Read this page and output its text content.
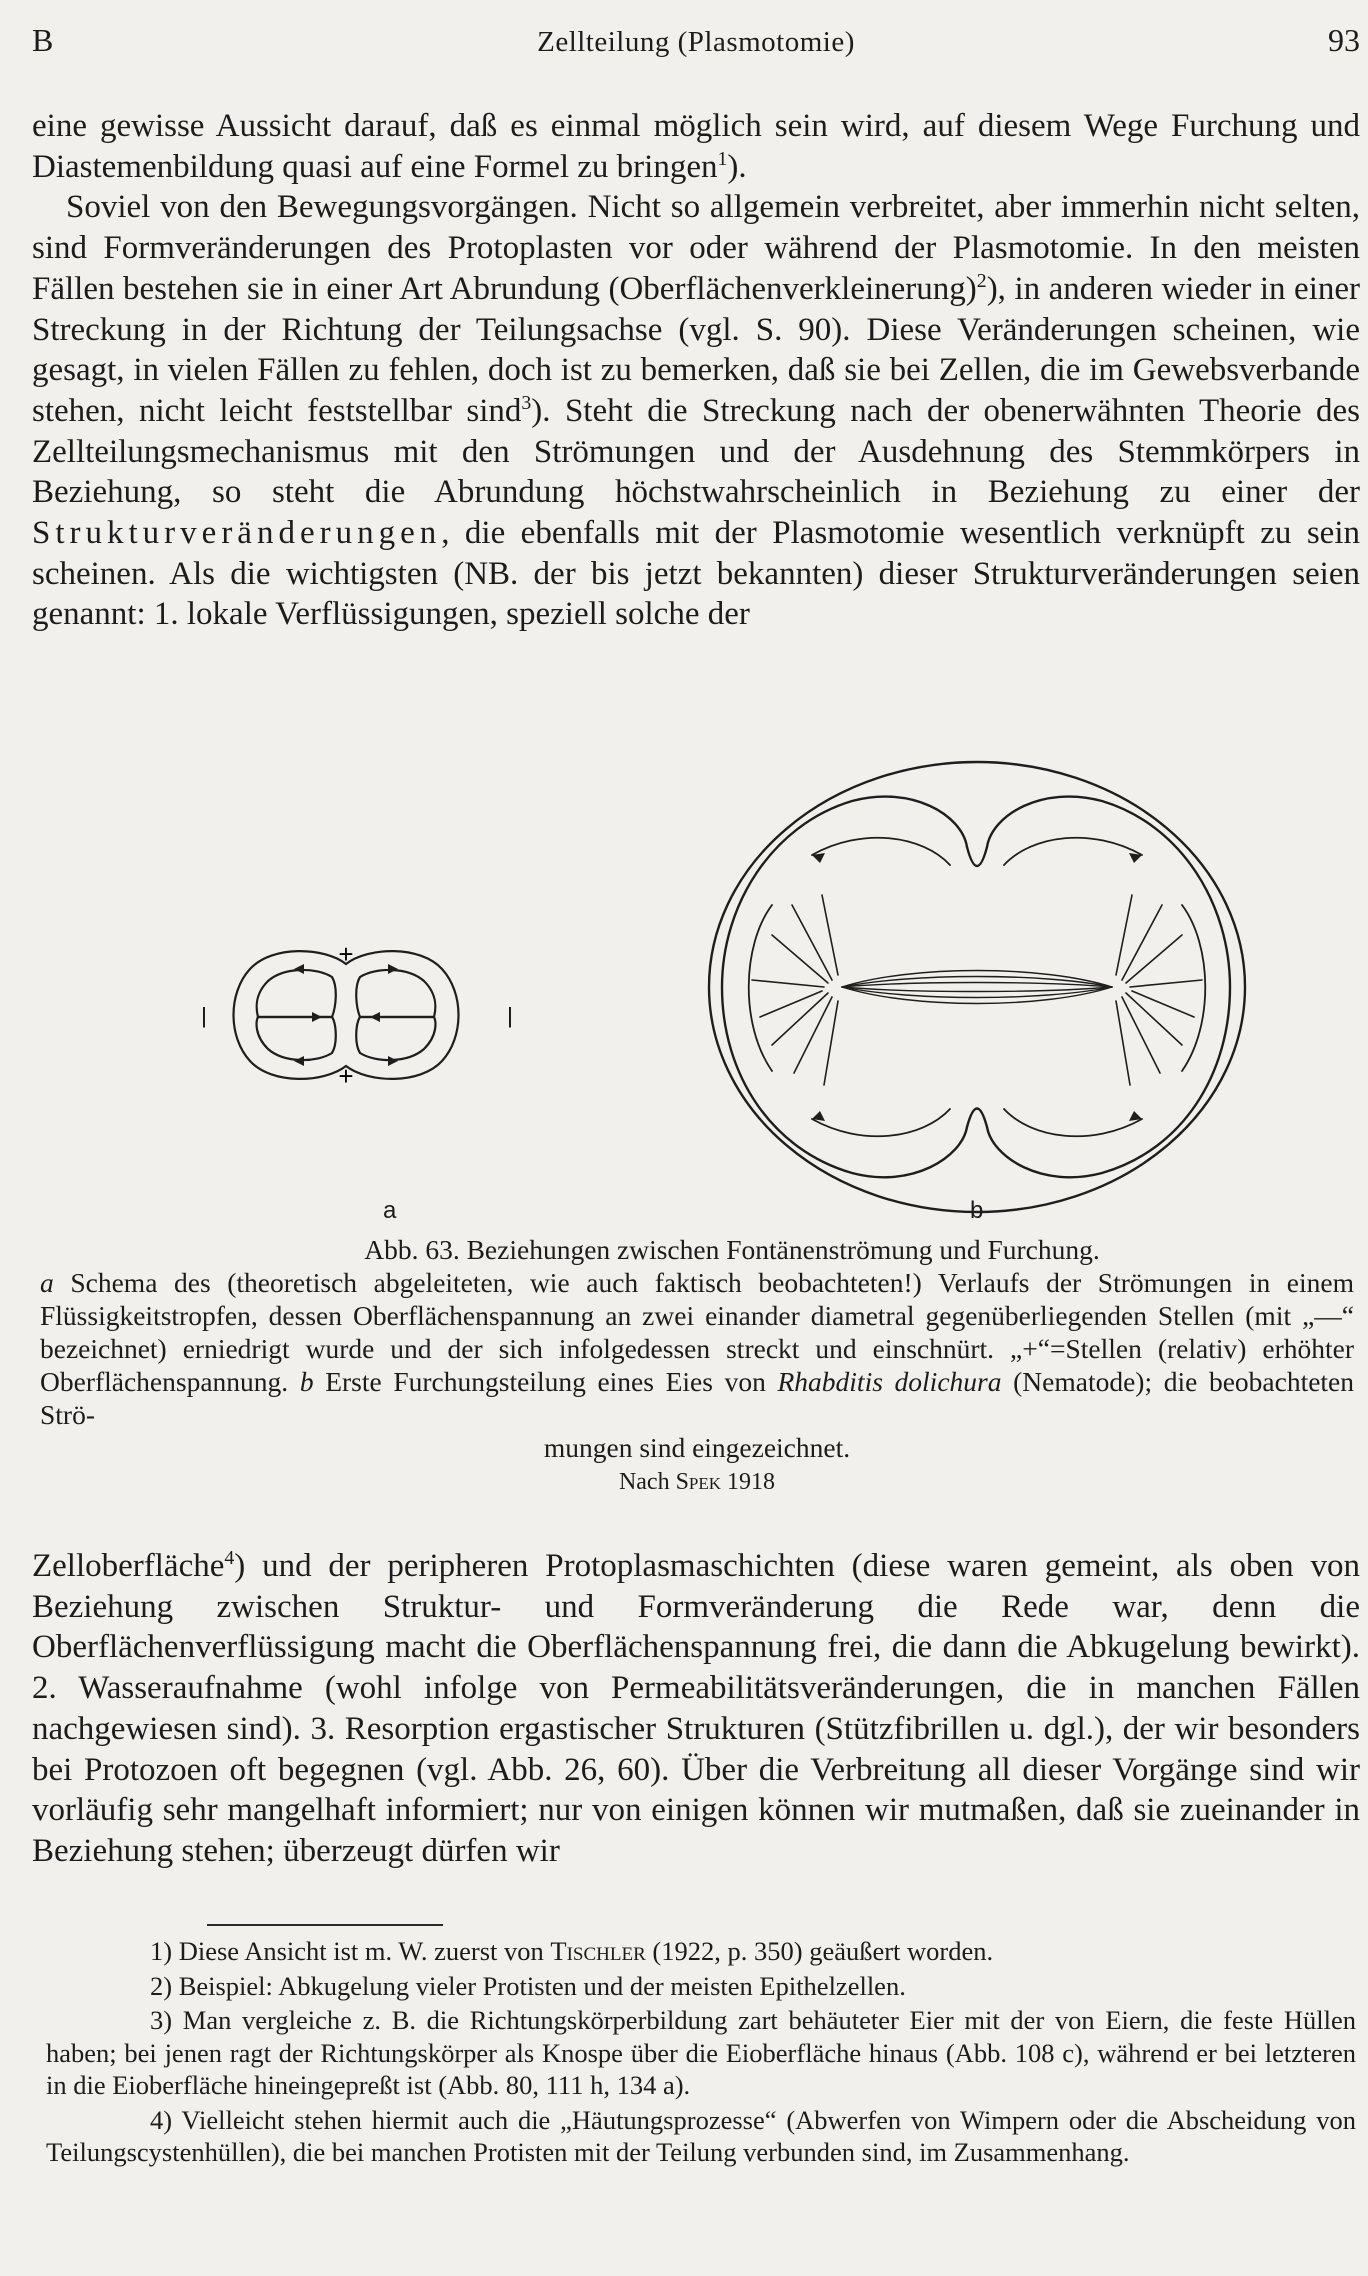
B	Zellteilung (Plasmotomie)	93

eine gewisse Aussicht darauf, daß es einmal möglich sein wird, auf diesem Wege Furchung und Diastemenbildung quasi auf eine Formel zu bringen$^1$).

Soviel von den Bewegungsvorgängen. Nicht so allgemein verbreitet, aber immerhin nicht selten, sind Formveränderungen des Protoplasten vor oder während der Plasmotomie. In den meisten Fällen bestehen sie in einer Art Abrundung (Oberflächenverkleinerung)$^2$), in anderen wieder in einer Streckung in der Richtung der Teilungsachse (vgl. S. 90). Diese Veränderungen scheinen, wie gesagt, in vielen Fällen zu fehlen, doch ist zu bemerken, daß sie bei Zellen, die im Gewebsverbande stehen, nicht leicht feststellbar sind$^3$). Steht die Streckung nach der obenerwähnten Theorie des Zellteilungsmechanismus mit den Strömungen und der Ausdehnung des Stemmkörpers in Beziehung, so steht die Abrundung höchstwahrscheinlich in Beziehung zu einer der Strukturveränderungen, die ebenfalls mit der Plasmotomie wesentlich verknüpft zu sein scheinen. Als die wichtigsten (NB. der bis jetzt bekannten) dieser Strukturveränderungen seien genannt: 1. lokale Verflüssigungen, speziell solche der

+
+
|	|
a	b
Abb. 63. Beziehungen zwischen Fontänenströmung und Furchung.
a Schema des (theoretisch abgeleiteten, wie auch faktisch beobachteten!) Verlaufs der Strömungen in einem Flüssigkeitstropfen, dessen Oberflächenspannung an zwei einander diametral gegenüberliegenden Stellen (mit „—“ bezeichnet) erniedrigt wurde und der sich infolgedessen streckt und einschnürt. „+“=Stellen (relativ) erhöhter Oberflächenspannung. b Erste Furchungsteilung eines Eies von Rhabditis dolichura (Nematode); die beobachteten Strö-
mungen sind eingezeichnet.
Nach Spek 1918

Zelloberfläche$^4$) und der peripheren Protoplasmaschichten (diese waren gemeint, als oben von Beziehung zwischen Struktur- und Formveränderung die Rede war, denn die Oberflächenverflüssigung macht die Oberflächenspannung frei, die dann die Abkugelung bewirkt). 2. Wasseraufnahme (wohl infolge von Permeabilitätsveränderungen, die in manchen Fällen nachgewiesen sind). 3. Resorption ergastischer Strukturen (Stützfibrillen u. dgl.), der wir besonders bei Protozoen oft begegnen (vgl. Abb. 26, 60). Über die Verbreitung all dieser Vorgänge sind wir vorläufig sehr mangelhaft informiert; nur von einigen können wir mutmaßen, daß sie zueinander in Beziehung stehen; überzeugt dürfen wir

1) Diese Ansicht ist m. W. zuerst von Tischler (1922, p. 350) geäußert worden.

2) Beispiel: Abkugelung vieler Protisten und der meisten Epithelzellen.

3) Man vergleiche z. B. die Richtungskörperbildung zart behäuteter Eier mit der von Eiern, die feste Hüllen haben; bei jenen ragt der Richtungskörper als Knospe über die Eioberfläche hinaus (Abb. 108 c), während er bei letzteren in die Eioberfläche hineingepreßt ist (Abb. 80, 111 h, 134 a).

4) Vielleicht stehen hiermit auch die „Häutungsprozesse“ (Abwerfen von Wimpern oder die Abscheidung von Teilungscystenhüllen), die bei manchen Protisten mit der Teilung verbunden sind, im Zusammenhang.
